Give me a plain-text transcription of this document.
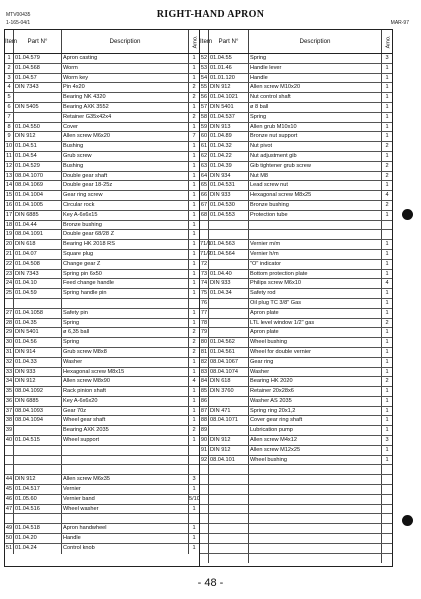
MTV00435
1-165-04/1
RIGHT-HAND APRON
MAR-97
Item	Part N°	Description	Amo.
1 01.04.579	Apron casting	1
2 01.04.568	Worm	1
3 01.04.57	Worm key	1
4 DIN 7343	Pin 4x20	2
5	Bearing NK 4320	2
6 DIN 5405	Bearing AXK 3552	1
7	Retainer G35x42x4	2
8 01.04.550	Cover	1
9 DIN 912	Allen screw M6x20	7
10 01.04.51	Bushing	1
11 01.04.54	Grub screw	1
12 01.04.529	Bushing	1
13 08.04.1070	Double gear shaft	1
14 08.04.1069	Double gear 18-25z	1
15 01.04.1004	Gear ring screw	1
16 01.04.1005	Circular rock	1
17 DIN 6885	Key A-6x6x15	1
18 01.04.44	Bronze bushing	1
19 08.04.1091	Double gear 68/28 Z	1
20 DIN 618	Bearing HK 2018 RS	1
21 01.04.07	Square plug	1
22 01.04.508	Change gear Z	1
23 DIN 7343	Spring pin 6x50	1
24 01.04.10	Feed change handle	1
25 01.04.59	Spring handle pin	1
27 01.04.1058	Safety pin	1
28 01.04.35	Spring	1
29 DIN 5401	ø 6,35 ball	2
30 01.04.56	Spring	2
31 DIN 914	Grub screw M8x8	2
32 01.04.33	Washer	1
33 DIN 933	Hexagonal screw M8x15	1
34 DIN 912	Allen screw M8x90	4
35 08.04.1092	Rack pinion shaft	1
36 DIN 6885	Key A-6x6x20	1
37 08.04.1093	Gear 70z	1
38 08.04.1094	Wheel gear shaft	1
39	Bearing AXK 2035	2
40 01.04.515	Wheel support	1
44 DIN 912	Allen screw M6x35	3
45 01.04.517	Vernier	1
46 01.05.60	Vernier band	5/10
47 01.04.516	Wheel washer	1
49 01.04.518	Apron handwheel	1
50 01.04.20	Handle	1
51 01.04.24	Control knob	1
Item	Part N°	Description	Amo.
52 01.04.55	Spring	3
53 01.01.46	Handle lever	1
54 01.01.120	Handle	1
55 DIN 912	Allen screw M10x20	1
56 01.04.1021	Nut control shaft	1
57 DIN 5401	ø 8 ball	1
58 01.04.537	Spring	1
59 DIN 913	Allen grub M10x10	1
60 01.04.89	Bronze nut support	1
61 01.04.32	Nut pivot	2
62 01.04.22	Nut adjustment gib	1
63 01.04.39	Gib tightener grub screw	2
64 DIN 934	Nut M8	2
65 01.04.531	Lead screw nut	1
66 DIN 933	Hexagonal screw M8x25	4
67 01.04.530	Bronze bushing	2
68 01.04.553	Protection tube	1
71/1 01.04.563	Vernier m/m	1
71/2 01.04.564	Vernier h/m	1
72	"O" indicator	1
73 01.04.40	Bottom protection plate	1
74 DIN 933	Philips screw M6x10	4
75 01.04.34	Safety rod	1
76	Oil plug TC 3/8" Gas	1
77	Apron plate	1
78	LTL level window 1/2" gas	2
79	Apron plate	1
80 01.04.562	Wheel bushing	1
81 01.04.561	Wheel for double vernier	1
82 08.04.1067	Gear ring	1
83 08.04.1074	Washer	1
84 DIN 618	Bearing HK 2020	2
85 DIN 3760	Retainer 20x28x6	1
86	Washer AS 2035	1
87 DIN 471	Spring ring 20x1,2	1
88 08.04.1071	Cover gear ring shaft	1
89	Lubrication pump	1
90 DIN 912	Allen screw M4x12	3
91 DIN 912	Allen screw M12x25	1
92 08.04.101	Wheel bushing	1
- 48 -
